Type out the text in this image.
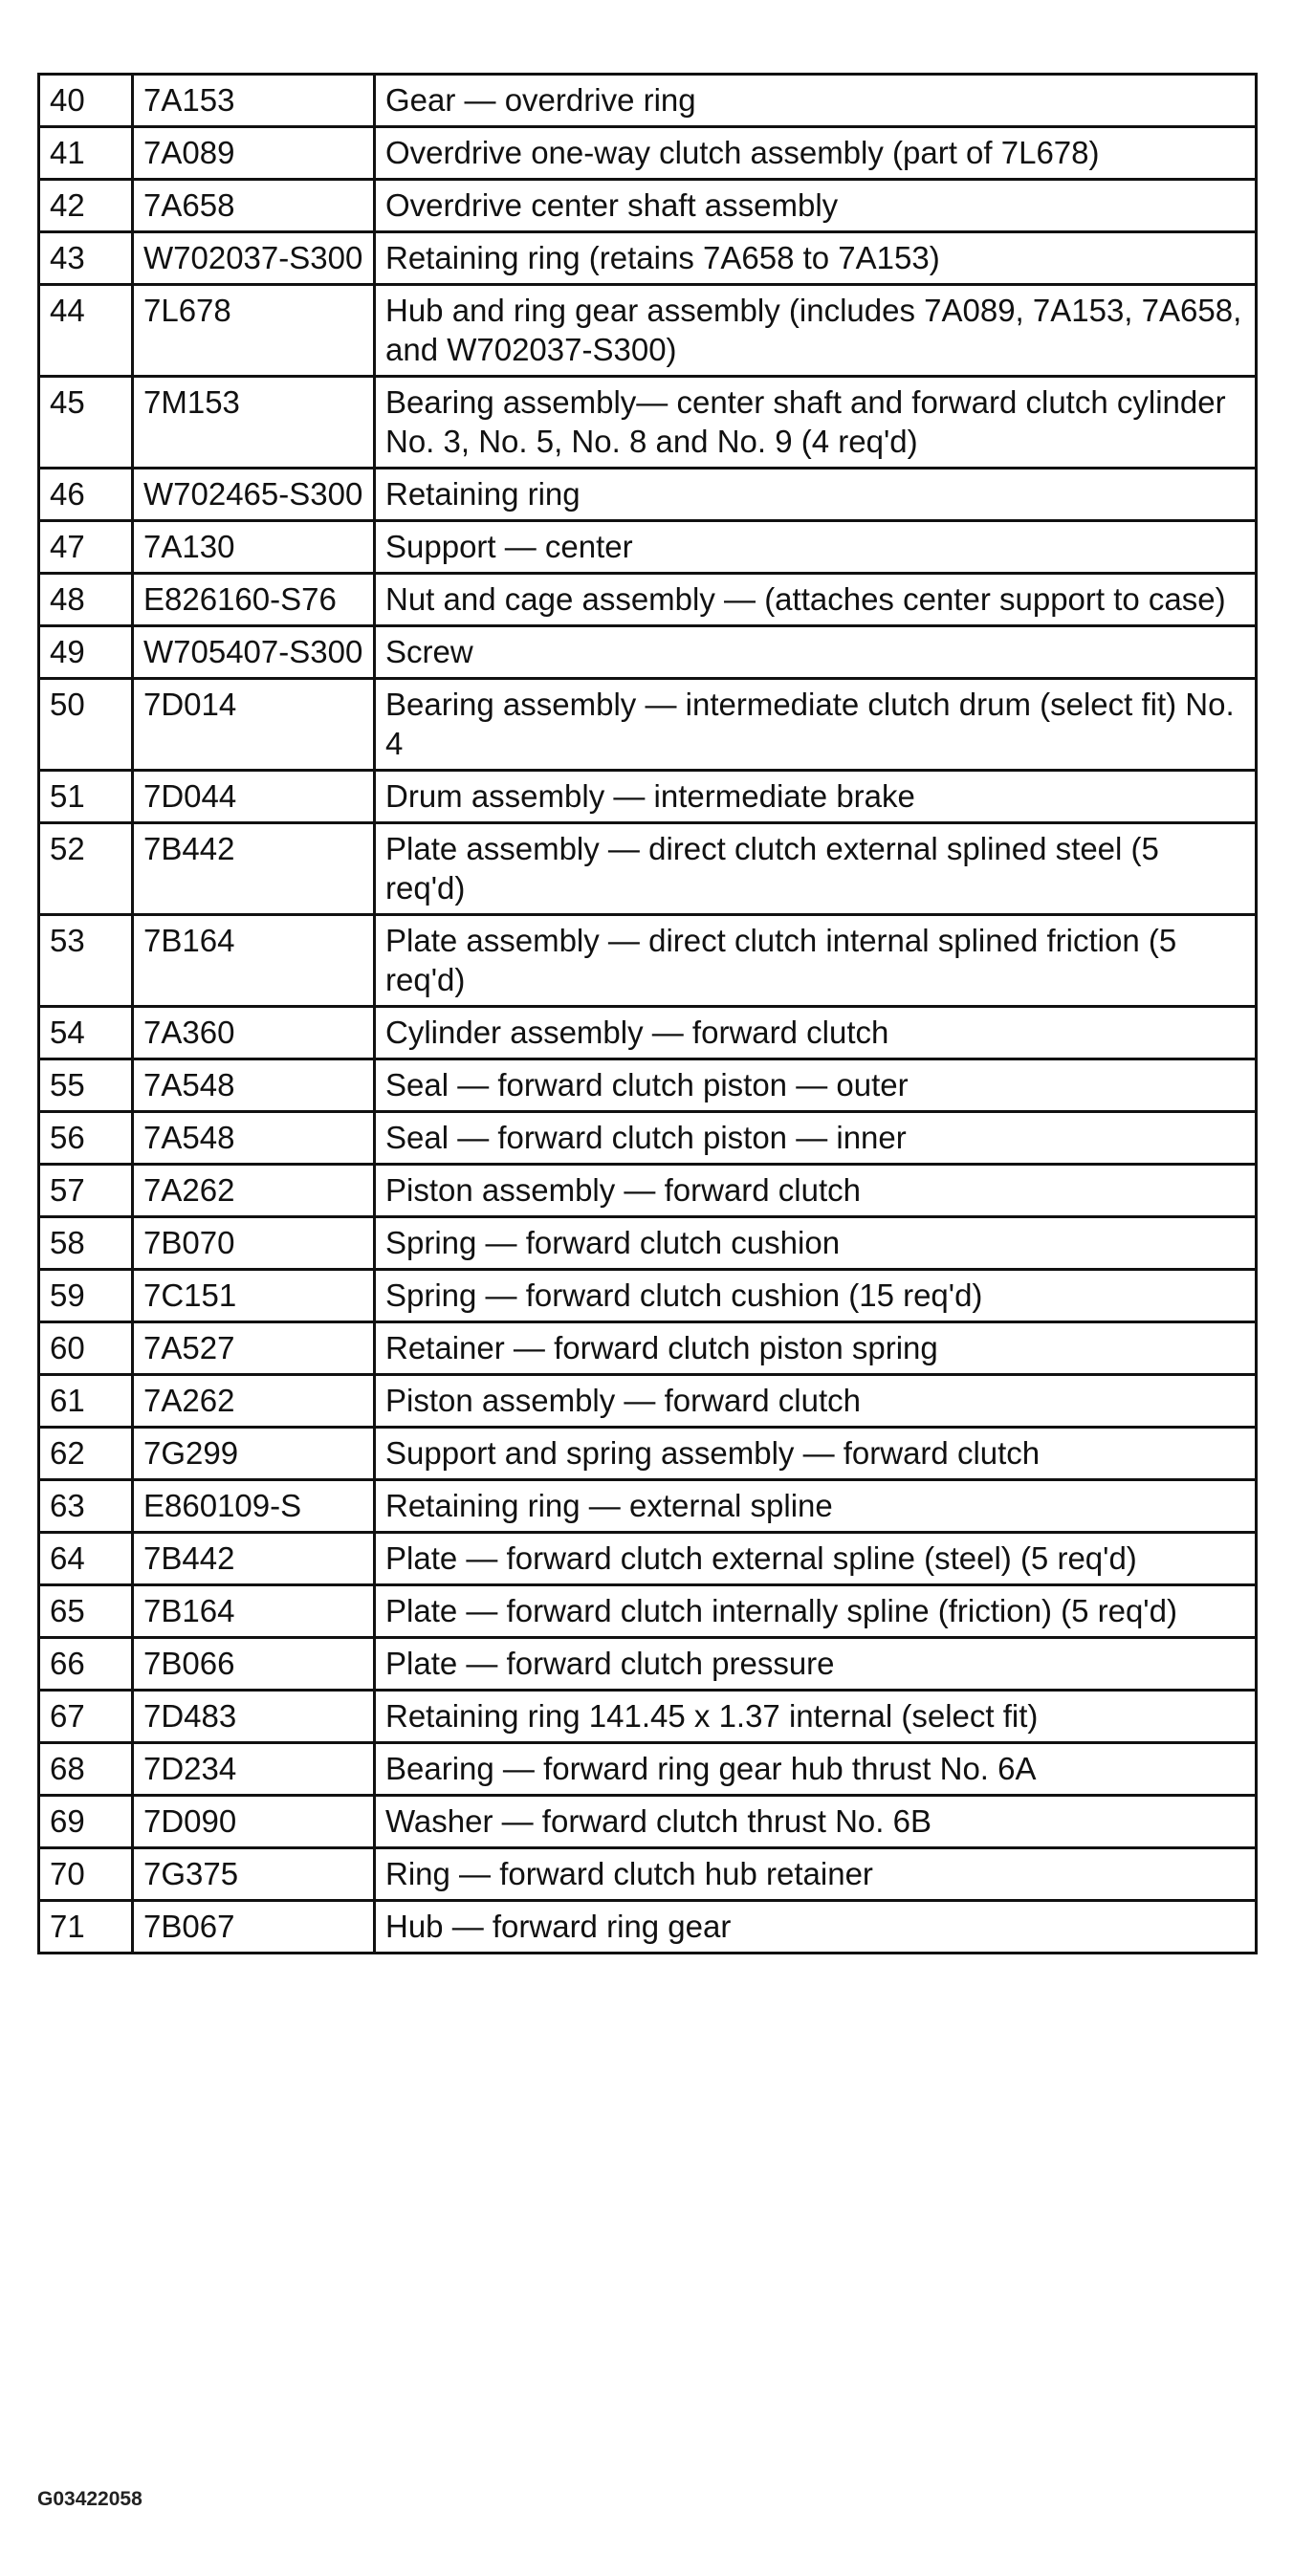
40	7A153	Gear — overdrive ring
41	7A089	Overdrive one-way clutch assembly (part of 7L678)
42	7A658	Overdrive center shaft assembly
43	W702037-S300	Retaining ring (retains 7A658 to 7A153)
44	7L678	Hub and ring gear assembly (includes 7A089, 7A153, 7A658, and W702037-S300)
45	7M153	Bearing assembly— center shaft and forward clutch cylinder No. 3, No. 5, No. 8 and No. 9 (4 req'd)
46	W702465-S300	Retaining ring
47	7A130	Support — center
48	E826160-S76	Nut and cage assembly — (attaches center support to case)
49	W705407-S300	Screw
50	7D014	Bearing assembly — intermediate clutch drum (select fit) No. 4
51	7D044	Drum assembly — intermediate brake
52	7B442	Plate assembly — direct clutch external splined steel (5 req'd)
53	7B164	Plate assembly — direct clutch internal splined friction (5 req'd)
54	7A360	Cylinder assembly — forward clutch
55	7A548	Seal — forward clutch piston — outer
56	7A548	Seal — forward clutch piston — inner
57	7A262	Piston assembly — forward clutch
58	7B070	Spring — forward clutch cushion
59	7C151	Spring — forward clutch cushion (15 req'd)
60	7A527	Retainer — forward clutch piston spring
61	7A262	Piston assembly — forward clutch
62	7G299	Support and spring assembly — forward clutch
63	E860109-S	Retaining ring — external spline
64	7B442	Plate — forward clutch external spline (steel) (5 req'd)
65	7B164	Plate — forward clutch internally spline (friction) (5 req'd)
66	7B066	Plate — forward clutch pressure
67	7D483	Retaining ring 141.45 x 1.37 internal (select fit)
68	7D234	Bearing — forward ring gear hub thrust No. 6A
69	7D090	Washer — forward clutch thrust No. 6B
70	7G375	Ring — forward clutch hub retainer
71	7B067	Hub — forward ring gear
G03422058
